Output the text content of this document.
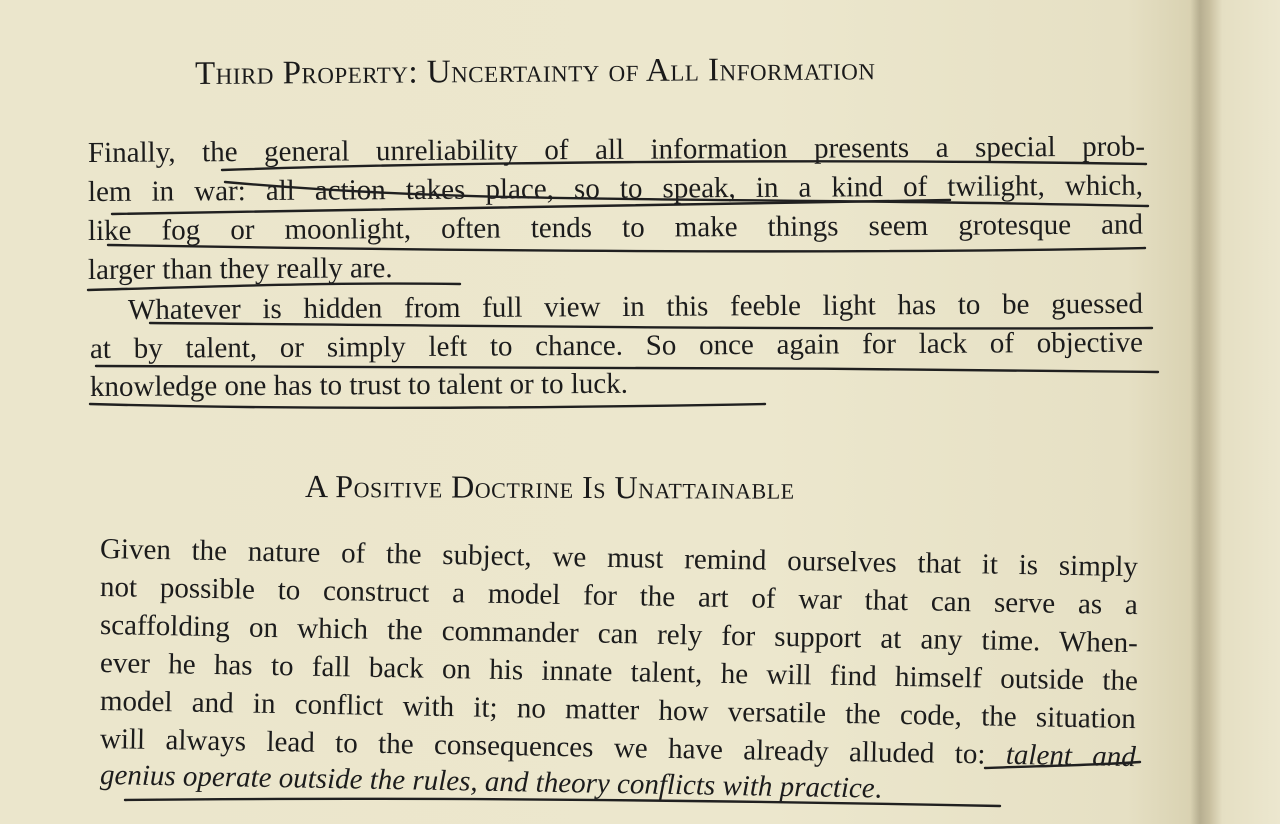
Third Property: Uncertainty of All Information

Finally, the general unreliability of all information presents a special prob-

lem in war: all action takes place, so to speak, in a kind of twilight, which,

like fog or moonlight, often tends to make things seem grotesque and

larger than they really are.

Whatever is hidden from full view in this feeble light has to be guessed

at by talent, or simply left to chance. So once again for lack of objective

knowledge one has to trust to talent or to luck.

A Positive Doctrine Is Unattainable

Given the nature of the subject, we must remind ourselves that it is simply

not possible to construct a model for the art of war that can serve as a

scaffolding on which the commander can rely for support at any time. When-

ever he has to fall back on his innate talent, he will find himself outside the

model and in conflict with it; no matter how versatile the code, the situation

will always lead to the consequences we have already alluded to: talent and

genius operate outside the rules, and theory conflicts with practice.
